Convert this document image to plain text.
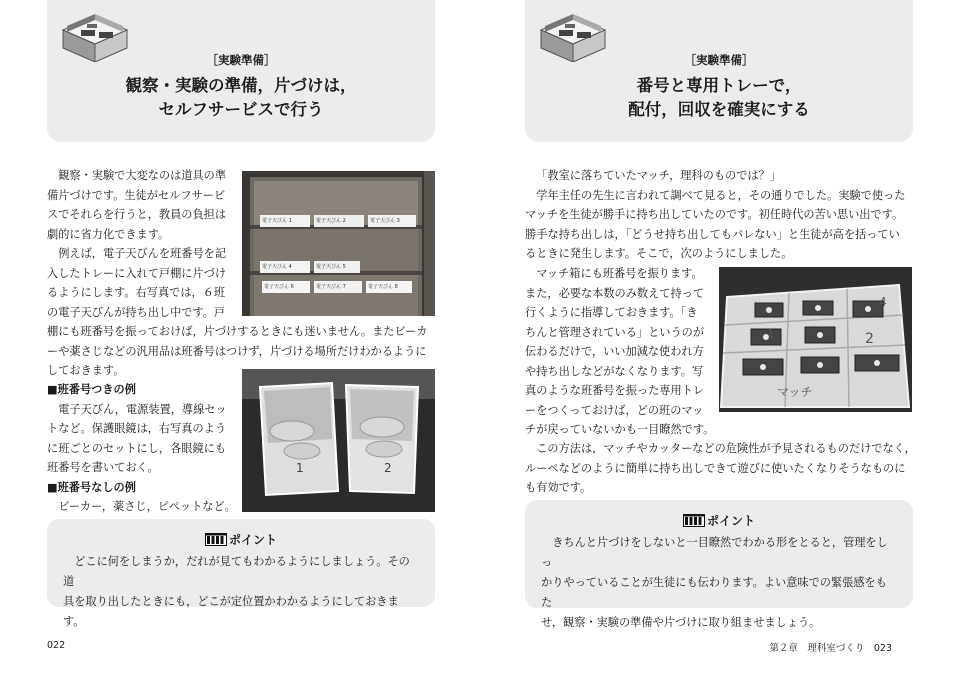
［実験準備］
観察・実験の準備，片づけは，
セルフサービスで行う

観察・実験で大変なのは道具の準

備片づけです。生徒がセルフサービ

スでそれらを行うと，教員の負担は

劇的に省力化できます。

例えば，電子天びんを班番号を記

入したトレーに入れて戸棚に片づけ

るようにします。右写真では，６班

の電子天びんが持ち出し中です。戸

電子天びん 1	電子天びん 2	電子天びん 3
電子天びん 4	電子天びん 5
電子天びん 6	電子天びん 7	電子天びん 8

棚にも班番号を振っておけば，片づけするときにも迷いません。またビーカ

ーや薬さじなどの汎用品は班番号はつけず，片づける場所だけわかるように

しておきます。

■班番号つきの例

電子天びん，電源装置，導線セッ

トなど。保護眼鏡は，右写真のよう

に班ごとのセットにし，各眼鏡にも

班番号を書いておく。

■班番号なしの例

ビーカー，薬さじ，ピペットなど。

1	2
ポイント

どこに何をしまうか，だれが見てもわかるようにしましょう。その道

具を取り出したときにも，どこが定位置かわかるようにしておきます。

022
［実験準備］
番号と専用トレーで，
配付，回収を確実にする

「教室に落ちていたマッチ，理科のものでは？」

学年主任の先生に言われて調べて見ると，その通りでした。実験で使った

マッチを生徒が勝手に持ち出していたのです。初任時代の苦い思い出です。

勝手な持ち出しは，「どうせ持ち出してもバレない」と生徒が高を括ってい

るときに発生します。そこで，次のようにしました。

マッチ箱にも班番号を振ります。

また，必要な本数のみ数えて持って

行くように指導しておきます。「き

ちんと管理されている」というのが

伝わるだけで，いい加減な使われ方

や持ち出しなどがなくなります。写

真のような班番号を振った専用トレ

ーをつくっておけば，どの班のマッ

チが戻っていないかも一目瞭然です。

1	2
4
マッチ

この方法は，マッチやカッターなどの危険性が予見されるものだけでなく，

ルーペなどのように簡単に持ち出しできて遊びに使いたくなりそうなものに

も有効です。

ポイント

きちんと片づけをしないと一目瞭然でわかる形をとると，管理をしっ

かりやっていることが生徒にも伝わります。よい意味での緊張感をもた

せ，観察・実験の準備や片づけに取り組ませましょう。

第２章　理科室づくり　 023
